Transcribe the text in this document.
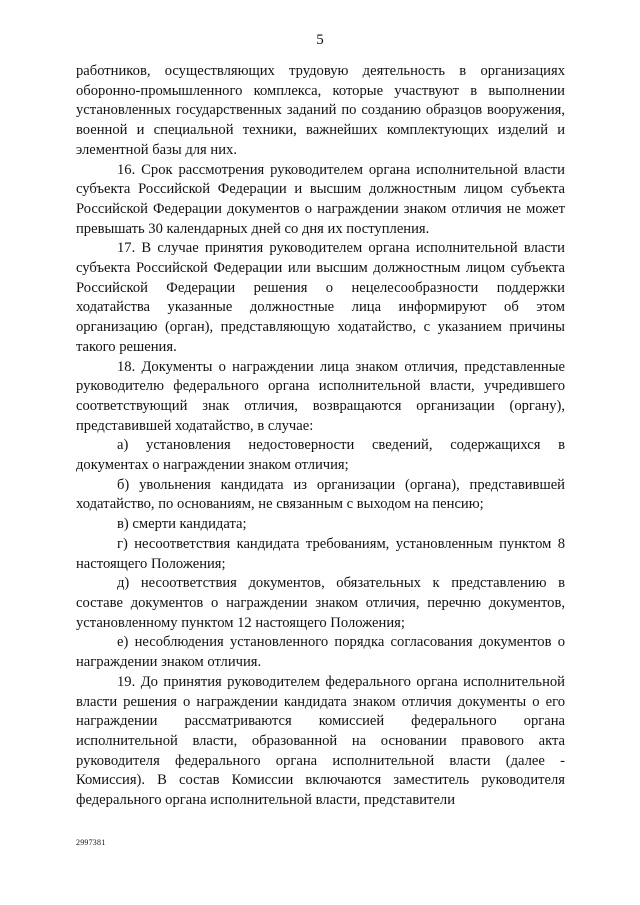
5

работников, осуществляющих трудовую деятельность в организациях оборонно-промышленного комплекса, которые участвуют в выполнении установленных государственных заданий по созданию образцов вооружения, военной и специальной техники, важнейших комплектующих изделий и элементной базы для них.

16. Срок рассмотрения руководителем органа исполнительной власти субъекта Российской Федерации и высшим должностным лицом субъекта Российской Федерации документов о награждении знаком отличия не может превышать 30 календарных дней со дня их поступления.

17. В случае принятия руководителем органа исполнительной власти субъекта Российской Федерации или высшим должностным лицом субъекта Российской Федерации решения о нецелесообразности поддержки ходатайства указанные должностные лица информируют об этом организацию (орган), представляющую ходатайство, с указанием причины такого решения.

18. Документы о награждении лица знаком отличия, представленные руководителю федерального органа исполнительной власти, учредившего соответствующий знак отличия, возвращаются организации (органу), представившей ходатайство, в случае:

а) установления недостоверности сведений, содержащихся в документах о награждении знаком отличия;

б) увольнения кандидата из организации (органа), представившей ходатайство, по основаниям, не связанным с выходом на пенсию;

в) смерти кандидата;

г) несоответствия кандидата требованиям, установленным пунктом 8 настоящего Положения;

д) несоответствия документов, обязательных к представлению в составе документов о награждении знаком отличия, перечню документов, установленному пунктом 12 настоящего Положения;

е) несоблюдения установленного порядка согласования документов о награждении знаком отличия.

19. До принятия руководителем федерального органа исполнительной власти решения о награждении кандидата знаком отличия документы о его награждении рассматриваются комиссией федерального органа исполнительной власти, образованной на основании правового акта руководителя федерального органа исполнительной власти (далее - Комиссия). В состав Комиссии включаются заместитель руководителя федерального органа исполнительной власти, представители

2997381
